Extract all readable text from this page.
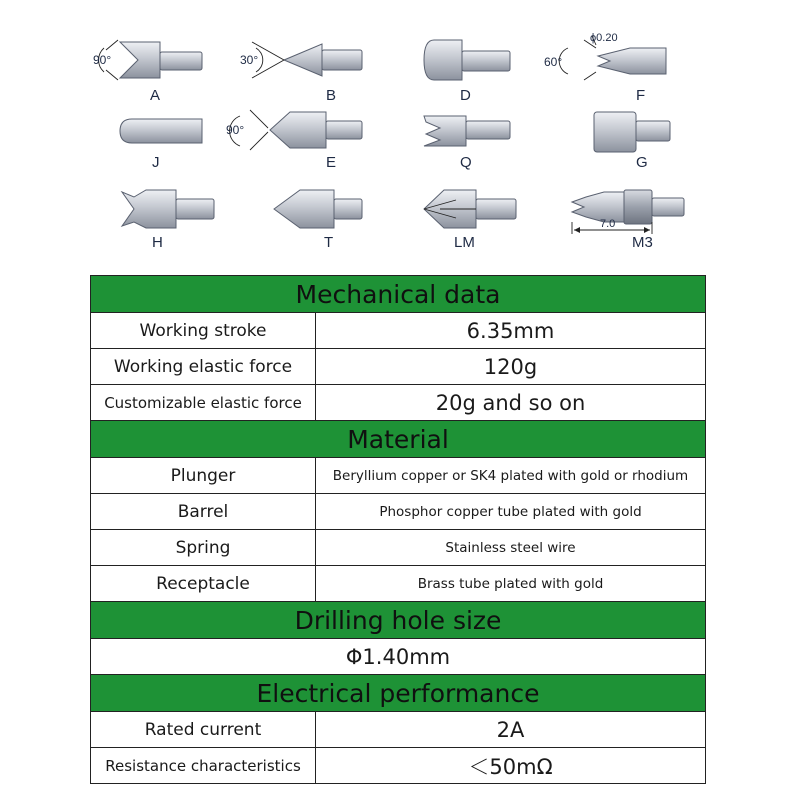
90°
A
30°
B	D
60°
ϕ0.20
F
J
90°
E	Q	G
H	T	LM
7.0
M3
Mechanical data	
Working stroke	6.35mm
Working elastic force	120g
Customizable elastic force	20g and so on
Material	
Plunger	Beryllium copper or SK4 plated with gold or rhodium
Barrel	Phosphor copper tube plated with gold
Spring	Stainless steel wire
Receptacle	Brass tube plated with gold
Drilling hole size	
Φ1.40mm	
Electrical performance	
Rated current	2A
Resistance characteristics	＜50mΩ
